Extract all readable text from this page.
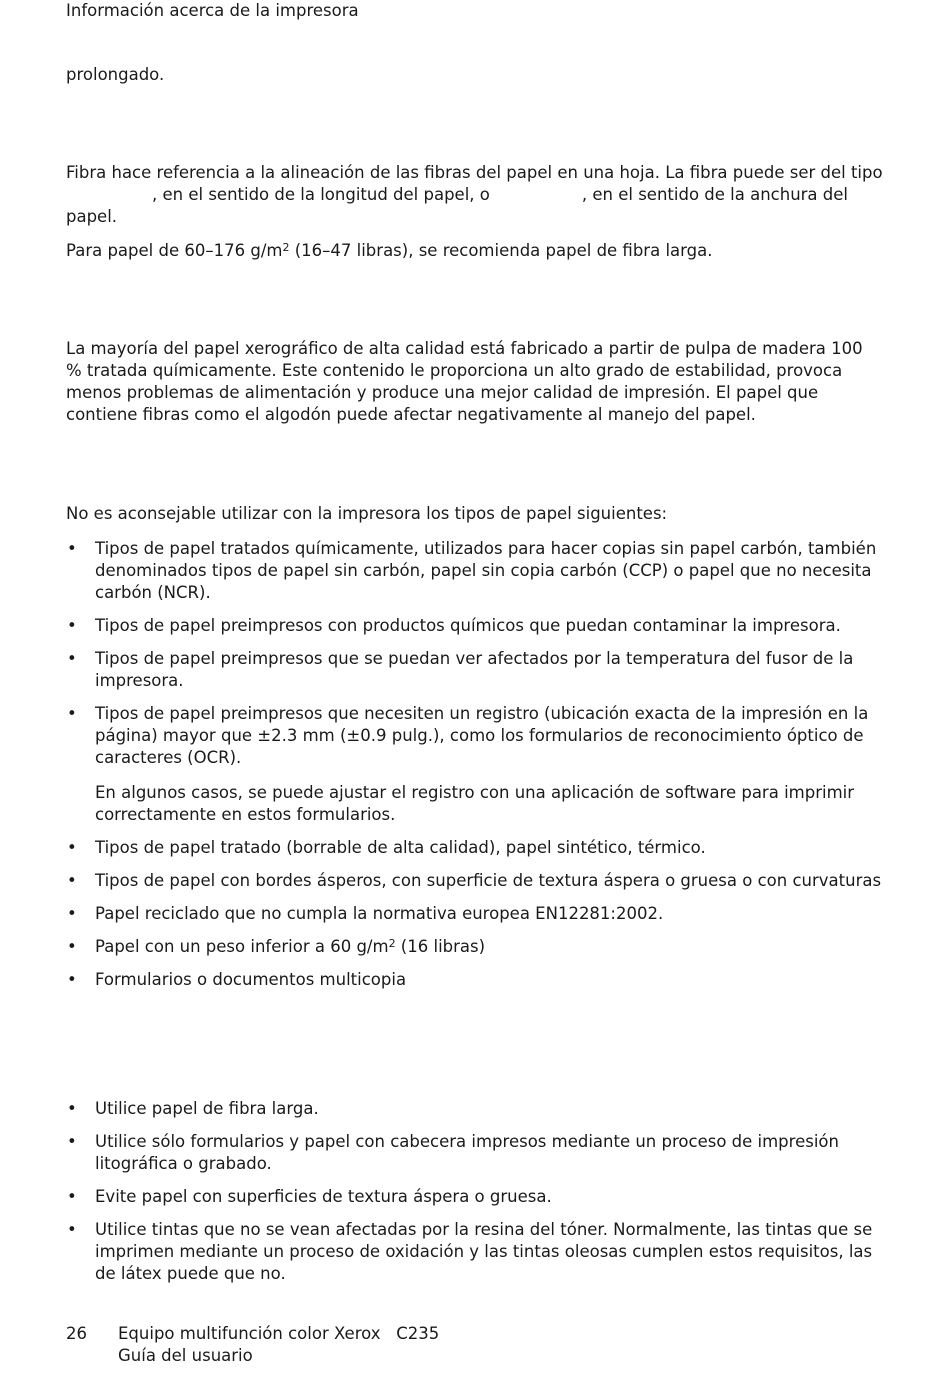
Información acerca de la impresora

prolongado.

Fibra hace referencia a la alineación de las fibras del papel en una hoja. La fibra puede ser del tipo
, en el sentido de la longitud del papel, o	, en el sentido de la anchura del
papel.

Para papel de 60–176 $g/m^2$ (16–47 libras), se recomienda papel de fibra larga.

La mayoría del papel xerográfico de alta calidad está fabricado a partir de pulpa de madera 100 % tratada químicamente. Este contenido le proporciona un alto grado de estabilidad, provoca menos problemas de alimentación y produce una mejor calidad de impresión. El papel que contiene fibras como el algodón puede afectar negativamente al manejo del papel.

No es aconsejable utilizar con la impresora los tipos de papel siguientes:

• Tipos de papel tratados químicamente, utilizados para hacer copias sin papel carbón, también denominados tipos de papel sin carbón, papel sin copia carbón (CCP) o papel que no necesita carbón (NCR).
• Tipos de papel preimpresos con productos químicos que puedan contaminar la impresora.
• Tipos de papel preimpresos que se puedan ver afectados por la temperatura del fusor de la impresora.
• Tipos de papel preimpresos que necesiten un registro (ubicación exacta de la impresión en la página) mayor que ±2.3 mm (±0.9 pulg.), como los formularios de reconocimiento óptico de caracteres (OCR).
En algunos casos, se puede ajustar el registro con una aplicación de software para imprimir correctamente en estos formularios.
• Tipos de papel tratado (borrable de alta calidad), papel sintético, térmico.
• Tipos de papel con bordes ásperos, con superficie de textura áspera o gruesa o con curvaturas
• Papel reciclado que no cumpla la normativa europea EN12281:2002.
• Papel con un peso inferior a 60 $g/m^2$ (16 libras)
• Formularios o documentos multicopia
• Utilice papel de fibra larga.
• Utilice sólo formularios y papel con cabecera impresos mediante un proceso de impresión litográfica o grabado.
• Evite papel con superficies de textura áspera o gruesa.
• Utilice tintas que no se vean afectadas por la resina del tóner. Normalmente, las tintas que se imprimen mediante un proceso de oxidación y las tintas oleosas cumplen estos requisitos, las de látex puede que no.
26 Equipo multifunción color Xerox   C235
Guía del usuario
